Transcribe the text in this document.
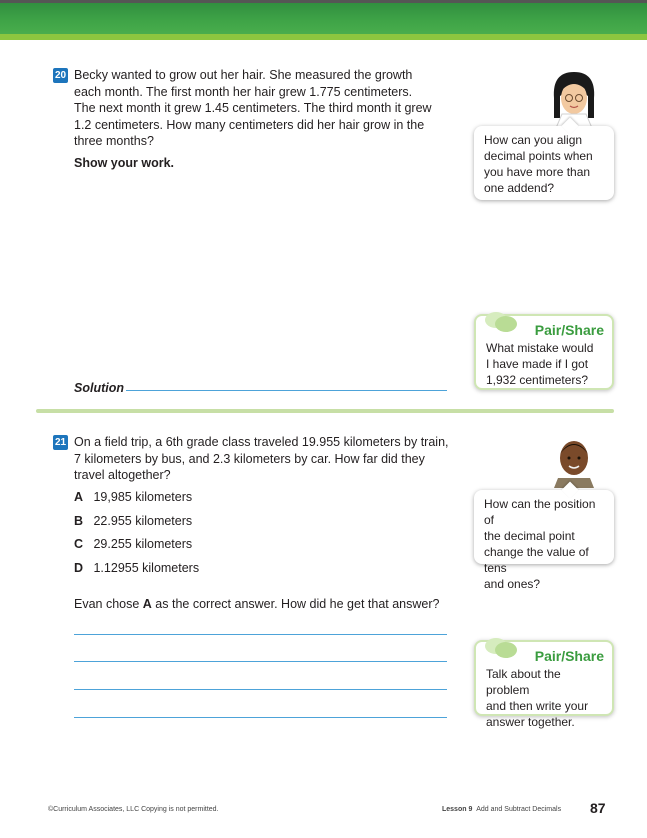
20 Becky wanted to grow out her hair. She measured the growth
each month. The first month her hair grew 1.775 centimeters.
The next month it grew 1.45 centimeters. The third month it grew
1.2 centimeters. How many centimeters did her hair grow in the
three months?
Show your work.
How can you align
decimal points when
you have more than
one addend?
Pair/Share
What mistake would
I have made if I got
1,932 centimeters?
Solution
21 On a field trip, a 6th grade class traveled 19.955 kilometers by train,
7 kilometers by bus, and 2.3 kilometers by car. How far did they
travel altogether?
A 19,985 kilometers
B 22.955 kilometers
C 29.255 kilometers
D 1.12955 kilometers
Evan chose A as the correct answer. How did he get that answer?
How can the position of
the decimal point
change the value of tens
and ones?
Pair/Share
Talk about the problem
and then write your
answer together.
©Curriculum Associates, LLC Copying is not permitted.	Lesson 9 Add and Subtract Decimals 87
